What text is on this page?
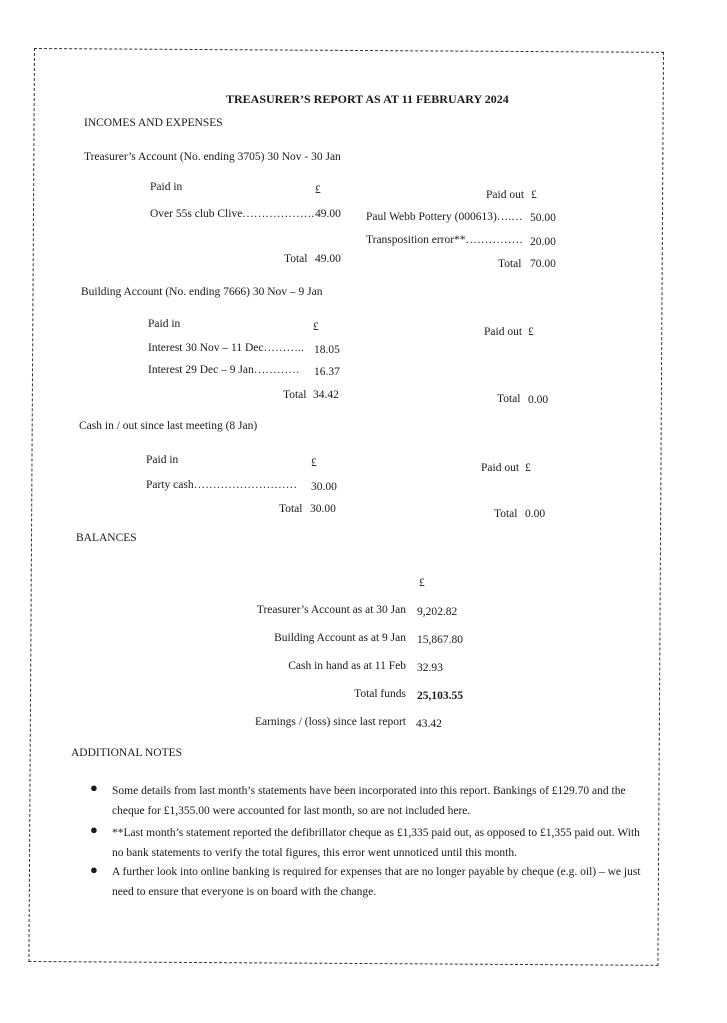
TREASURER’S REPORT AS AT 11 FEBRUARY 2024
INCOMES AND EXPENSES
Treasurer’s Account (No. ending 3705) 30 Nov - 30 Jan
Paid in	£	Paid out £
Over 55s club Clive………………. 49.00 Paul Webb Pottery (000613)….… 50.00
Transposition error**…………… 20.00
Total 49.00	Total 70.00
Building Account (No. ending 7666) 30 Nov – 9 Jan
Paid in	£	Paid out £
Interest 30 Nov – 11 Dec……….. 18.05
Interest 29 Dec – 9 Jan………… 16.37
Total 34.42	Total 0.00
Cash in / out since last meeting (8 Jan)
Paid in	£	Paid out £
Party cash……………………… 30.00
Total 30.00	Total 0.00
BALANCES
£
Treasurer’s Account as at 30 Jan 9,202.82
Building Account as at 9 Jan 15,867.80
Cash in hand as at 11 Feb 32.93
Total funds 25,103.55
Earnings / (loss) since last report 43.42
ADDITIONAL NOTES
● Some details from last month’s statements have been incorporated into this report. Bankings of £129.70 and the cheque for £1,355.00 were accounted for last month, so are not included here.
● **Last month’s statement reported the defibrillator cheque as £1,335 paid out, as opposed to £1,355 paid out. With no bank statements to verify the total figures, this error went unnoticed until this month.
● A further look into online banking is required for expenses that are no longer payable by cheque (e.g. oil) – we just need to ensure that everyone is on board with the change.
